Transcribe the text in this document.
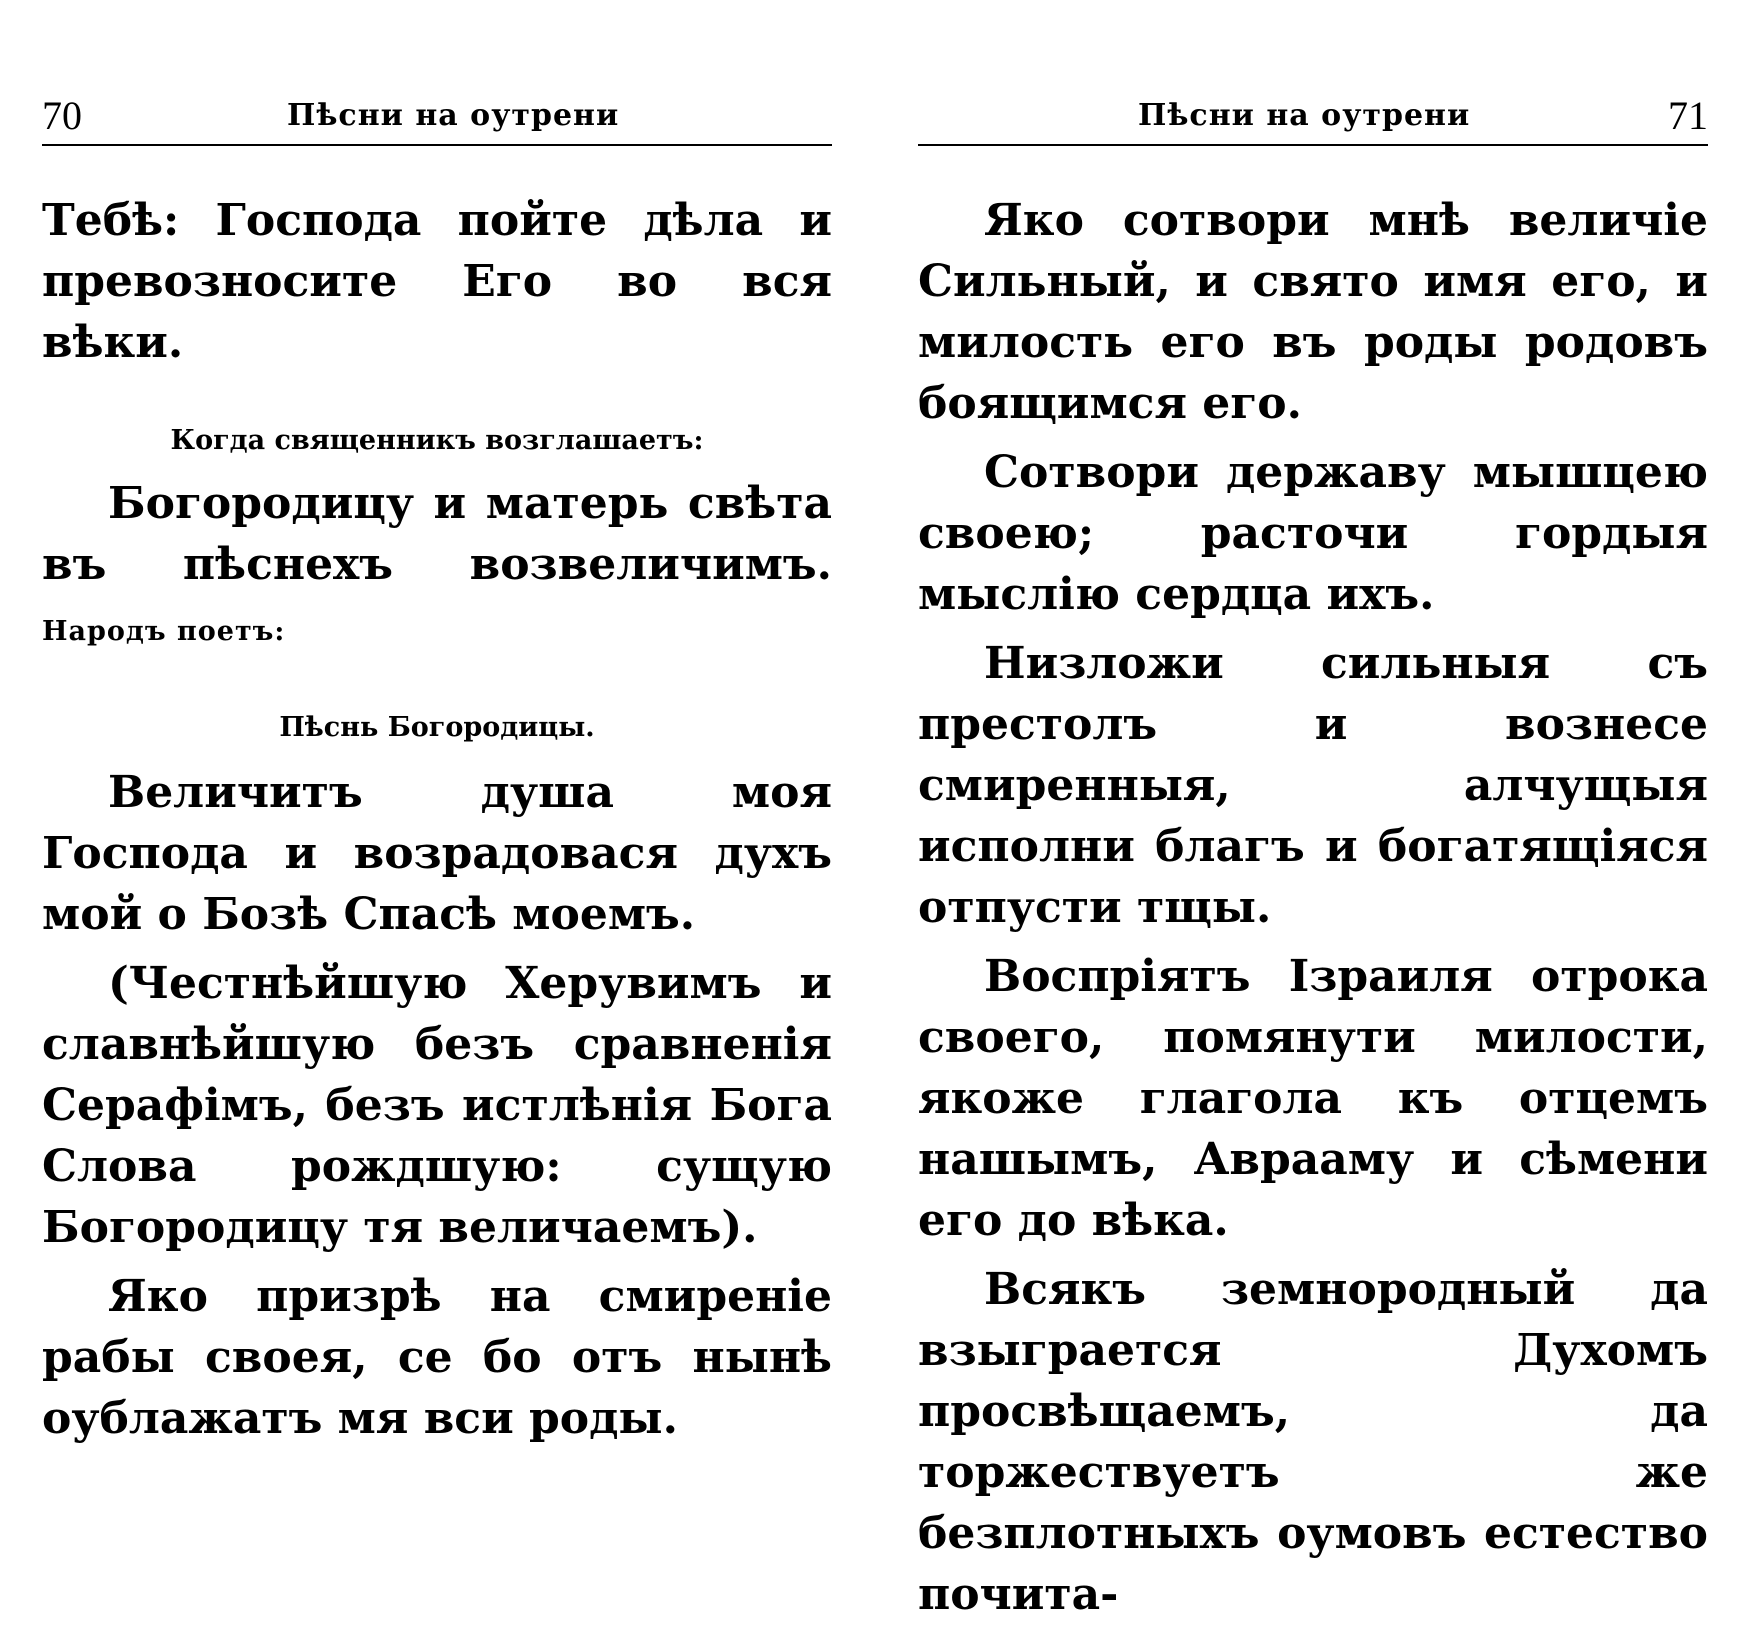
70	Пѣсни на оутрени

Тебѣ: Господа пойте дѣла и превозносите Его во вся вѣки.

Когда священникъ возглашаетъ:

Богородицу и матерь свѣта въ пѣснехъ возвеличимъ. Народъ поетъ:

Пѣснь Богородицы.

Величитъ душа моя Господа и возрадовася духъ мой о Бозѣ Спасѣ моемъ.

(Честнѣйшую Херувимъ и славнѣйшую безъ сравненія Серафімъ, безъ истлѣнія Бога Слова рождшую: сущую Богородицу тя величаемъ).

Яко призрѣ на смиреніе рабы своея, се бо отъ нынѣ оублажатъ мя вси роды.

Пѣсни на оутрени	71

Яко сотвори мнѣ величіе Сильный, и свято имя его, и милость его въ роды родовъ боящимся его.

Сотвори державу мышцею своею; расточи гордыя мыслію сердца ихъ.

Низложи сильныя съ престолъ и вознесе смиренныя, алчущыя исполни благъ и богатящіяся отпусти тщы.

Воспріятъ Ізраиля отрока своего, помянути милости, якоже глагола къ отцемъ нашымъ, Аврааму и сѣмени его до вѣка.

Всякъ земнородный да взыграется Духомъ просвѣщаемъ, да торжествуетъ же безплотныхъ оумовъ естество почита-
